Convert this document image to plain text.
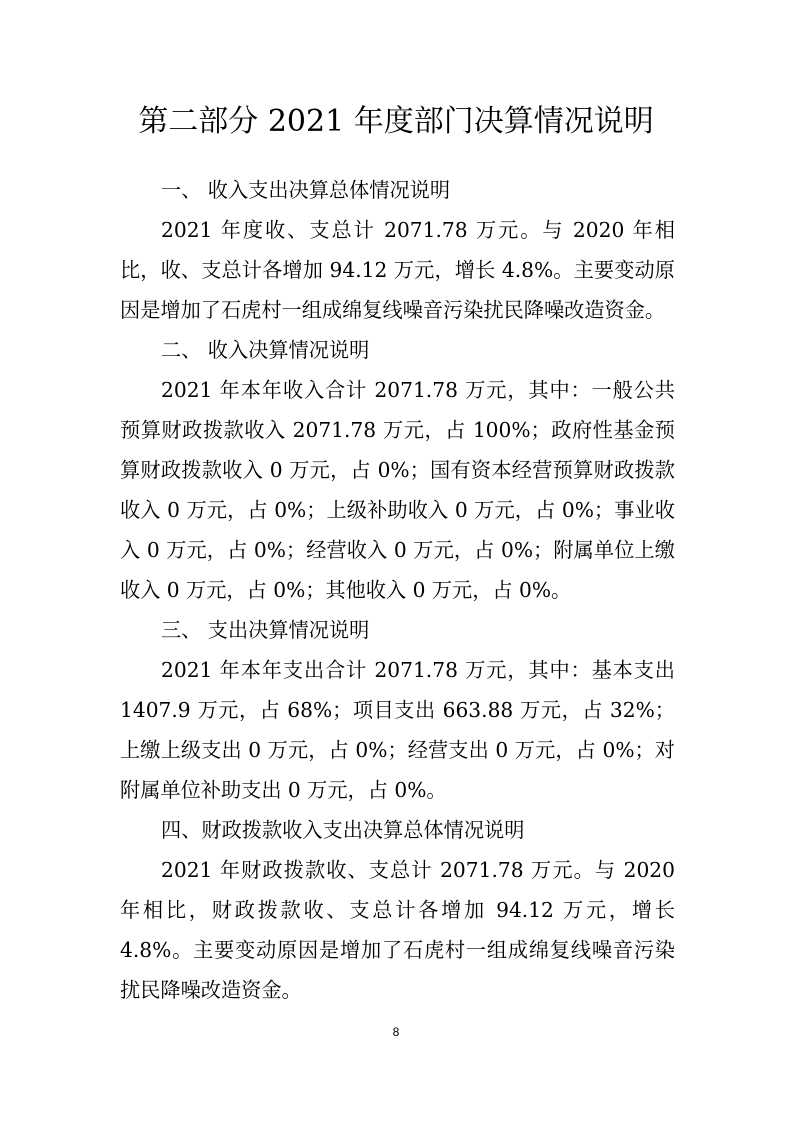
第二部分 2021 年度部门决算情况说明

一、 收入支出决算总体情况说明

2021 年度收、支总计 2071.78 万元。与 2020 年相比，收、支总计各增加 94.12 万元，增长 4.8%。主要变动原因是增加了石虎村一组成绵复线噪音污染扰民降噪改造资金。

二、 收入决算情况说明

2021 年本年收入合计 2071.78 万元，其中：一般公共预算财政拨款收入 2071.78 万元，占 100%；政府性基金预算财政拨款收入 0 万元，占 0%；国有资本经营预算财政拨款收入 0 万元，占 0%；上级补助收入 0 万元，占 0%；事业收入 0 万元，占 0%；经营收入 0 万元，占 0%；附属单位上缴收入 0 万元，占 0%；其他收入 0 万元，占 0%。

三、 支出决算情况说明

2021 年本年支出合计 2071.78 万元，其中：基本支出 1407.9 万元，占 68%；项目支出 663.88 万元，占 32%；上缴上级支出 0 万元，占 0%；经营支出 0 万元，占 0%；对附属单位补助支出 0 万元，占 0%。

四、财政拨款收入支出决算总体情况说明

2021 年财政拨款收、支总计 2071.78 万元。与 2020 年相比，财政拨款收、支总计各增加 94.12 万元，增长 4.8%。主要变动原因是增加了石虎村一组成绵复线噪音污染扰民降噪改造资金。

8
